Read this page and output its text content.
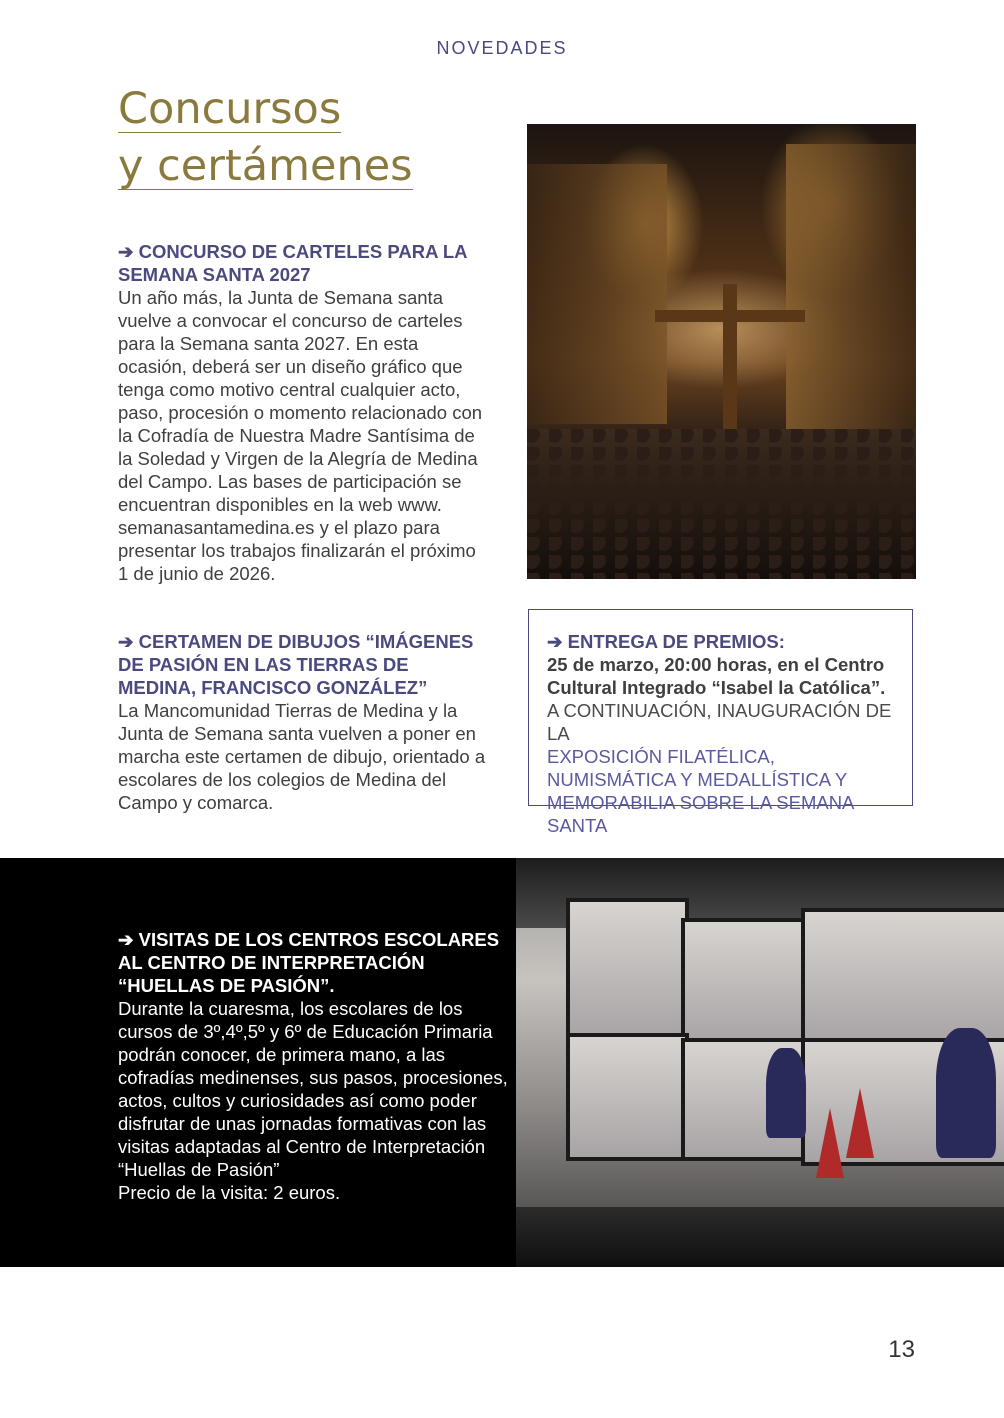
NOVEDADES
Concursos
y certámenes
➔ CONCURSO DE CARTELES PARA LA SEMANA SANTA 2027
Un año más, la Junta de Semana santa vuelve a convocar el concurso de carteles para la Semana santa 2027. En esta ocasión, deberá ser un diseño gráfico que tenga como motivo central cualquier acto, paso, procesión o momento relacionado con la Cofradía de Nuestra Madre Santísima de la Soledad y Virgen de la Alegría de Medina del Campo. Las bases de participación se encuentran disponibles en la web www. semanasantamedina.es y el plazo para presentar los trabajos finalizarán el próximo 1 de junio de 2026.
➔ CERTAMEN DE DIBUJOS “IMÁGENES DE PASIÓN EN LAS TIERRAS DE MEDINA, FRANCISCO GONZÁLEZ”
La Mancomunidad Tierras de Medina y la Junta de Semana santa vuelven a poner en marcha este certamen de dibujo, orientado a escolares de los colegios de Medina del Campo y comarca.
➔ ENTREGA DE PREMIOS:
25 de marzo, 20:00 horas, en el Centro Cultural Integrado “Isabel la Católica”.
A CONTINUACIÓN, INAUGURACIÓN DE LA
EXPOSICIÓN FILATÉLICA, NUMISMÁTICA Y MEDALLÍSTICA Y MEMORABILIA SOBRE LA SEMANA SANTA
➔ VISITAS DE LOS CENTROS ESCOLARES AL CENTRO DE INTERPRETACIÓN “HUELLAS DE PASIÓN”.
Durante la cuaresma, los escolares de los cursos de 3º,4º,5º y 6º de Educación Primaria podrán conocer, de primera mano, a las cofradías medinenses, sus pasos, procesiones, actos, cultos y curiosidades así como poder disfrutar de unas jornadas formativas con las visitas adaptadas al Centro de Interpretación “Huellas de Pasión”
Precio de la visita: 2 euros.
13
